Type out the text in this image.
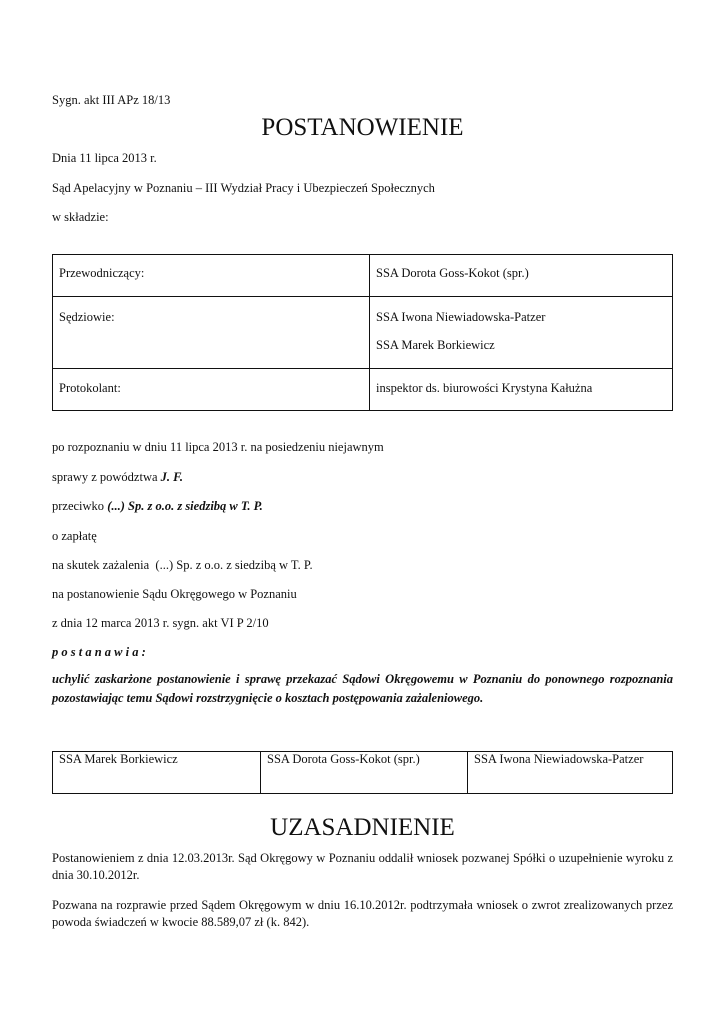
Sygn. akt III APz 18/13
POSTANOWIENIE
Dnia 11 lipca 2013 r.
Sąd Apelacyjny w Poznaniu – III Wydział Pracy i Ubezpieczeń Społecznych
w składzie:
Przewodniczący:	SSA Dorota Goss-Kokot (spr.)
Sędziowie:	SSA Iwona Niewiadowska-Patzer

SSA Marek Borkiewicz

Protokolant:	inspektor ds. biurowości Krystyna Kałużna
po rozpoznaniu w dniu 11 lipca 2013 r. na posiedzeniu niejawnym
sprawy z powództwa J. F.
przeciwko (...) Sp. z o.o. z siedzibą w T. P.
o zapłatę
na skutek zażalenia  (...) Sp. z o.o. z siedzibą w T. P.
na postanowienie Sądu Okręgowego w Poznaniu
z dnia 12 marca 2013 r. sygn. akt VI P 2/10
p o s t a n a w i a :
uchylić zaskarżone postanowienie i sprawę przekazać Sądowi Okręgowemu w Poznaniu do ponownego rozpoznania pozostawiając temu Sądowi rozstrzygnięcie o kosztach postępowania zażaleniowego.
SSA Marek Borkiewicz	SSA Dorota Goss-Kokot (spr.)	SSA Iwona Niewiadowska-Patzer
UZASADNIENIE
Postanowieniem z dnia 12.03.2013r. Sąd Okręgowy w Poznaniu oddalił wniosek pozwanej Spółki o uzupełnienie wyroku z dnia 30.10.2012r.
Pozwana na rozprawie przed Sądem Okręgowym w dniu 16.10.2012r. podtrzymała wniosek o zwrot zrealizowanych przez powoda świadczeń w kwocie 88.589,07 zł (k. 842).
